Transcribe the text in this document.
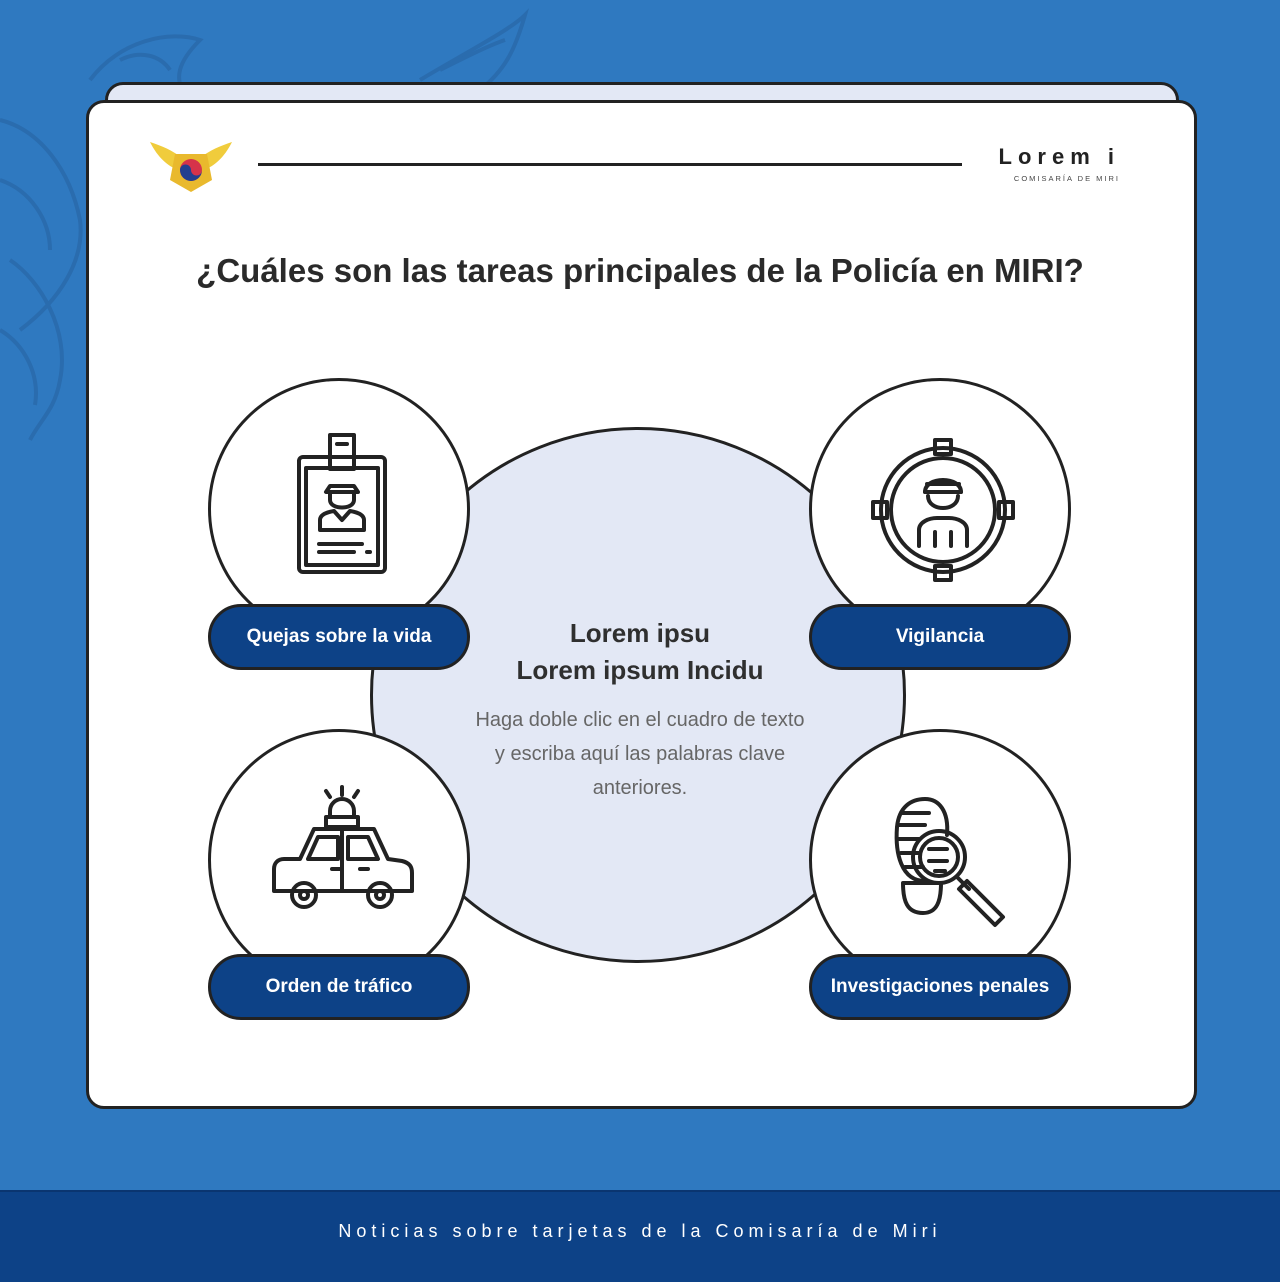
Lorem i
COMISARÍA DE MIRI
¿Cuáles son las tareas principales de la Policía en MIRI?
Lorem ipsu
Lorem ipsum Incidu
Haga doble clic en el cuadro de texto y escriba aquí las palabras clave anteriores.
Quejas sobre la vida	Vigilancia
Orden de tráfico	Investigaciones penales
Noticias sobre tarjetas de la Comisaría de Miri
